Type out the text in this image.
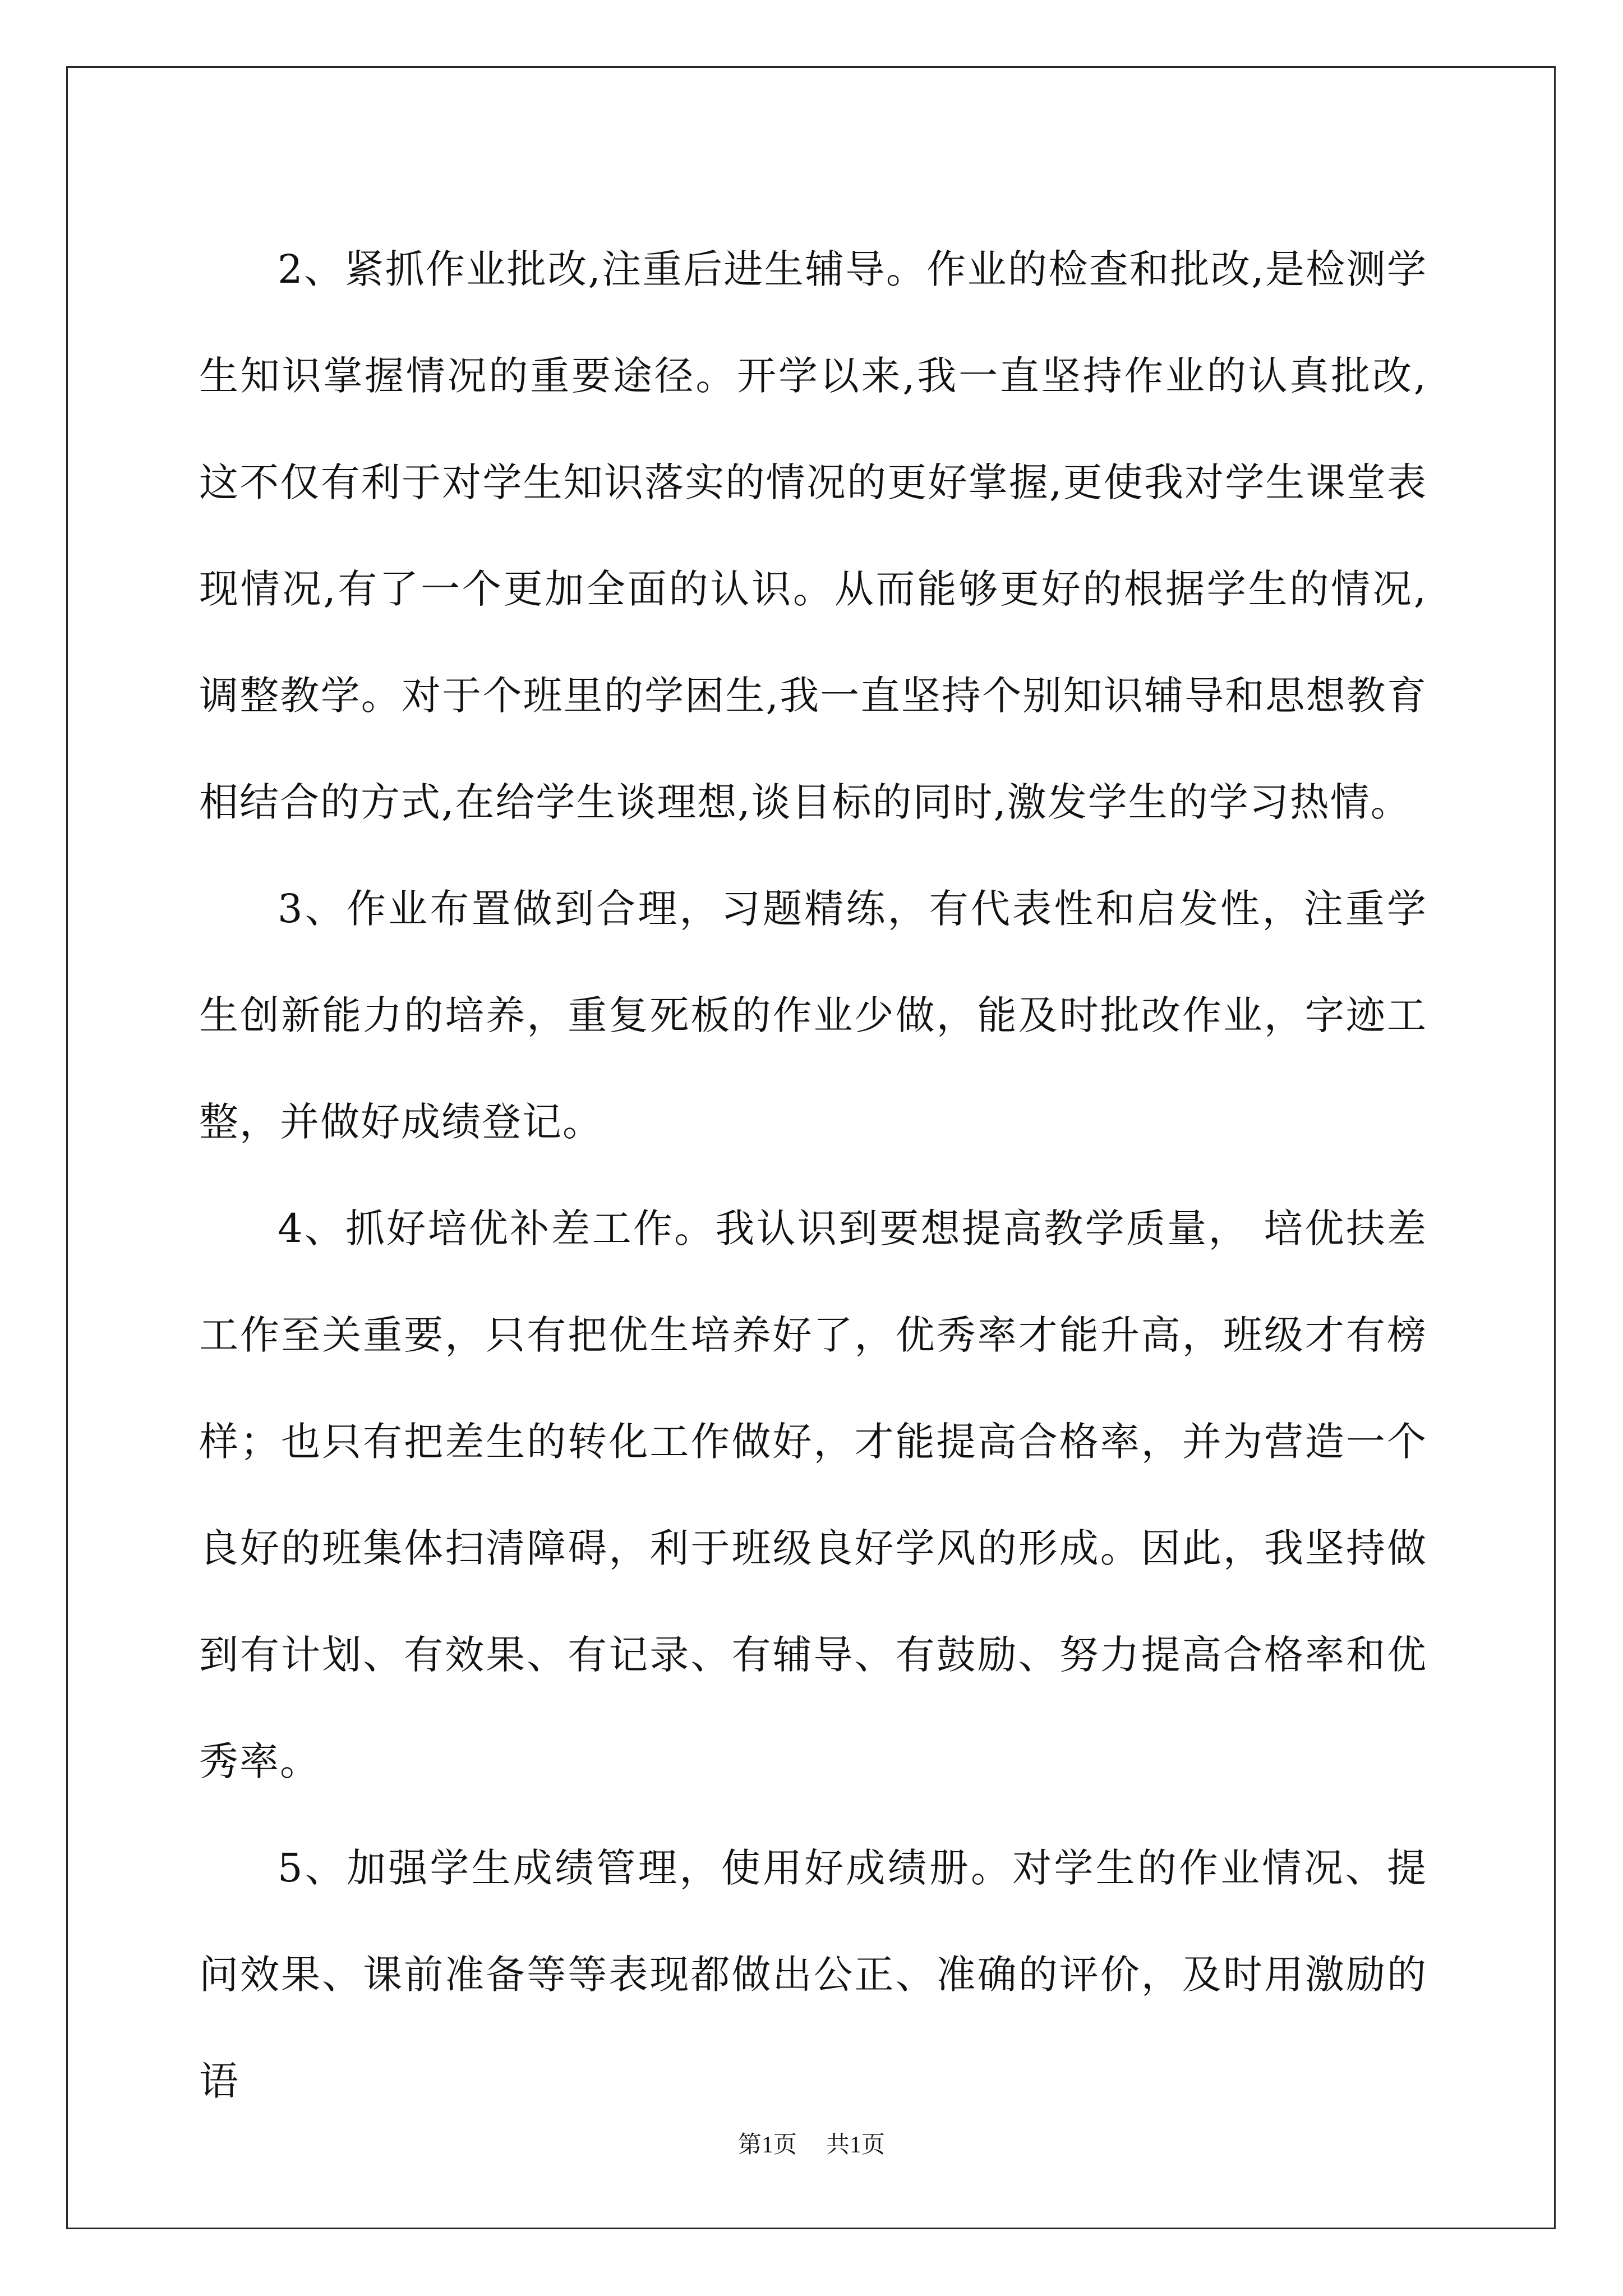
2、紧抓作业批改,注重后进生辅导。作业的检查和批改,是检测学生知识掌握情况的重要途径。开学以来,我一直坚持作业的认真批改,这不仅有利于对学生知识落实的情况的更好掌握,更使我对学生课堂表现情况,有了一个更加全面的认识。从而能够更好的根据学生的情况,调整教学。对于个班里的学困生,我一直坚持个别知识辅导和思想教育相结合的方式,在给学生谈理想,谈目标的同时,激发学生的学习热情。

3、作业布置做到合理，习题精练，有代表性和启发性，注重学生创新能力的培养，重复死板的作业少做，能及时批改作业，字迹工整，并做好成绩登记。

4、抓好培优补差工作。我认识到要想提高教学质量， 培优扶差工作至关重要，只有把优生培养好了，优秀率才能升高，班级才有榜样；也只有把差生的转化工作做好，才能提高合格率，并为营造一个良好的班集体扫清障碍，利于班级良好学风的形成。因此，我坚持做到有计划、有效果、有记录、有辅导、有鼓励、努力提高合格率和优秀率。

5、加强学生成绩管理，使用好成绩册。对学生的作业情况、提问效果、课前准备等等表现都做出公正、准确的评价，及时用激励的语

第1页 共1页
